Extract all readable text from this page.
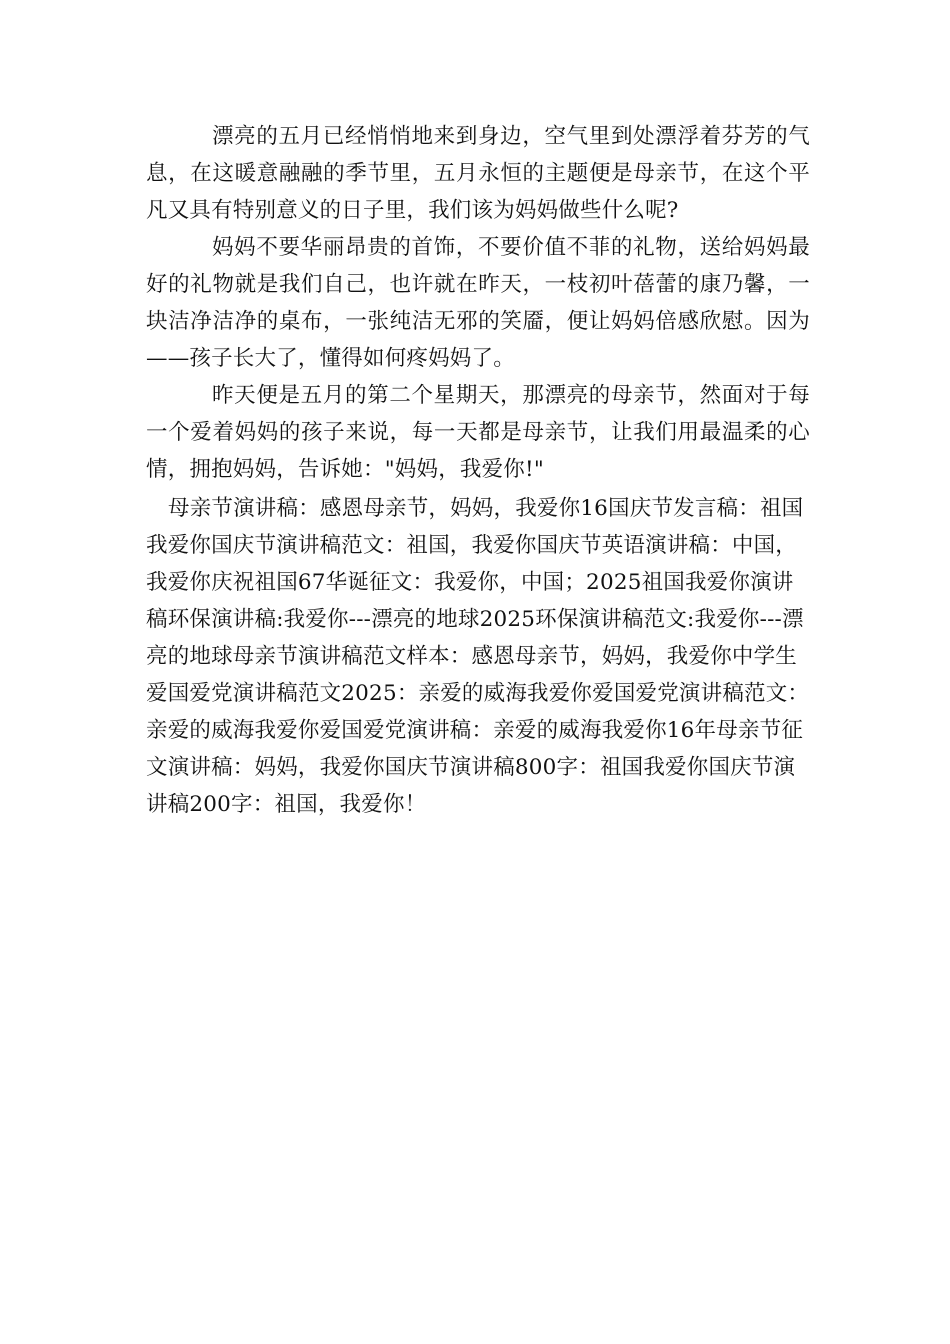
漂亮的五月已经悄悄地来到身边，空气里到处漂浮着芬芳的气息，在这暖意融融的季节里，五月永恒的主题便是母亲节，在这个平凡又具有特别意义的日子里，我们该为妈妈做些什么呢?

妈妈不要华丽昂贵的首饰，不要价值不菲的礼物，送给妈妈最好的礼物就是我们自己，也许就在昨天，一枝初叶蓓蕾的康乃馨，一块洁净洁净的桌布，一张纯洁无邪的笑靥，便让妈妈倍感欣慰。因为——孩子长大了，懂得如何疼妈妈了。

昨天便是五月的第二个星期天，那漂亮的母亲节，然面对于每一个爱着妈妈的孩子来说，每一天都是母亲节，让我们用最温柔的心情，拥抱妈妈，告诉她："妈妈，我爱你!"

母亲节演讲稿：感恩母亲节，妈妈，我爱你16国庆节发言稿：祖国我爱你国庆节演讲稿范文：祖国，我爱你国庆节英语演讲稿：中国，我爱你庆祝祖国67华诞征文：我爱你，中国；2025祖国我爱你演讲稿环保演讲稿:我爱你---漂亮的地球2025环保演讲稿范文:我爱你---漂亮的地球母亲节演讲稿范文样本：感恩母亲节，妈妈，我爱你中学生爱国爱党演讲稿范文2025：亲爱的威海我爱你爱国爱党演讲稿范文：亲爱的威海我爱你爱国爱党演讲稿：亲爱的威海我爱你16年母亲节征文演讲稿：妈妈，我爱你国庆节演讲稿800字：祖国我爱你国庆节演讲稿200字：祖国，我爱你！
